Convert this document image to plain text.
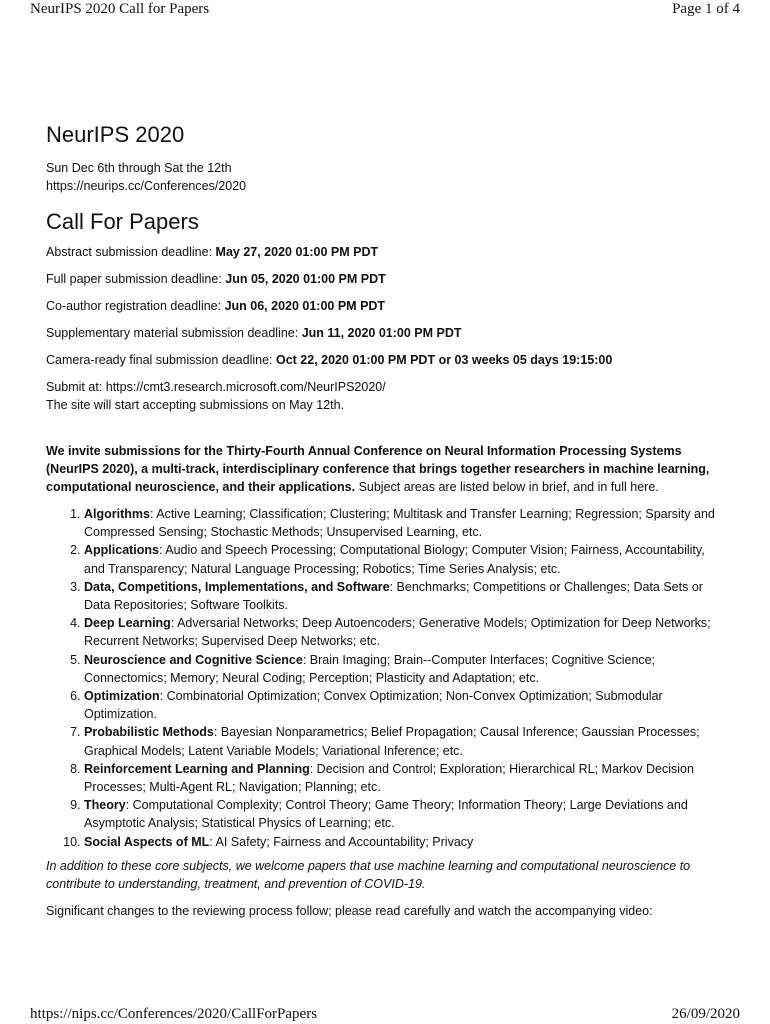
NeurIPS 2020 Call for Papers	Page 1 of 4
NeurIPS 2020

Sun Dec 6th through Sat the 12th

https://neurips.cc/Conferences/2020

Call For Papers

Abstract submission deadline: May 27, 2020 01:00 PM PDT

Full paper submission deadline: Jun 05, 2020 01:00 PM PDT

Co-author registration deadline: Jun 06, 2020 01:00 PM PDT

Supplementary material submission deadline: Jun 11, 2020 01:00 PM PDT

Camera-ready final submission deadline: Oct 22, 2020 01:00 PM PDT or 03 weeks 05 days 19:15:00

Submit at: https://cmt3.research.microsoft.com/NeurIPS2020/

The site will start accepting submissions on May 12th.

We invite submissions for the Thirty-Fourth Annual Conference on Neural Information Processing Systems (NeurIPS 2020), a multi-track, interdisciplinary conference that brings together researchers in machine learning, computational neuroscience, and their applications. Subject areas are listed below in brief, and in full here.

1. Algorithms: Active Learning; Classification; Clustering; Multitask and Transfer Learning; Regression; Sparsity and Compressed Sensing; Stochastic Methods; Unsupervised Learning, etc.
2. Applications: Audio and Speech Processing; Computational Biology; Computer Vision; Fairness, Accountability, and Transparency; Natural Language Processing; Robotics; Time Series Analysis; etc.
3. Data, Competitions, Implementations, and Software: Benchmarks; Competitions or Challenges; Data Sets or Data Repositories; Software Toolkits.
4. Deep Learning: Adversarial Networks; Deep Autoencoders; Generative Models; Optimization for Deep Networks; Recurrent Networks; Supervised Deep Networks; etc.
5. Neuroscience and Cognitive Science: Brain Imaging; Brain--Computer Interfaces; Cognitive Science; Connectomics; Memory; Neural Coding; Perception; Plasticity and Adaptation; etc.
6. Optimization: Combinatorial Optimization; Convex Optimization; Non-Convex Optimization; Submodular Optimization.
7. Probabilistic Methods: Bayesian Nonparametrics; Belief Propagation; Causal Inference; Gaussian Processes; Graphical Models; Latent Variable Models; Variational Inference; etc.
8. Reinforcement Learning and Planning: Decision and Control; Exploration; Hierarchical RL; Markov Decision Processes; Multi-Agent RL; Navigation; Planning; etc.
9. Theory: Computational Complexity; Control Theory; Game Theory; Information Theory; Large Deviations and Asymptotic Analysis; Statistical Physics of Learning; etc.
10. Social Aspects of ML: AI Safety; Fairness and Accountability; Privacy

In addition to these core subjects, we welcome papers that use machine learning and computational neuroscience to contribute to understanding, treatment, and prevention of COVID-19.

Significant changes to the reviewing process follow; please read carefully and watch the accompanying video:

https://nips.cc/Conferences/2020/CallForPapers	26/09/2020
